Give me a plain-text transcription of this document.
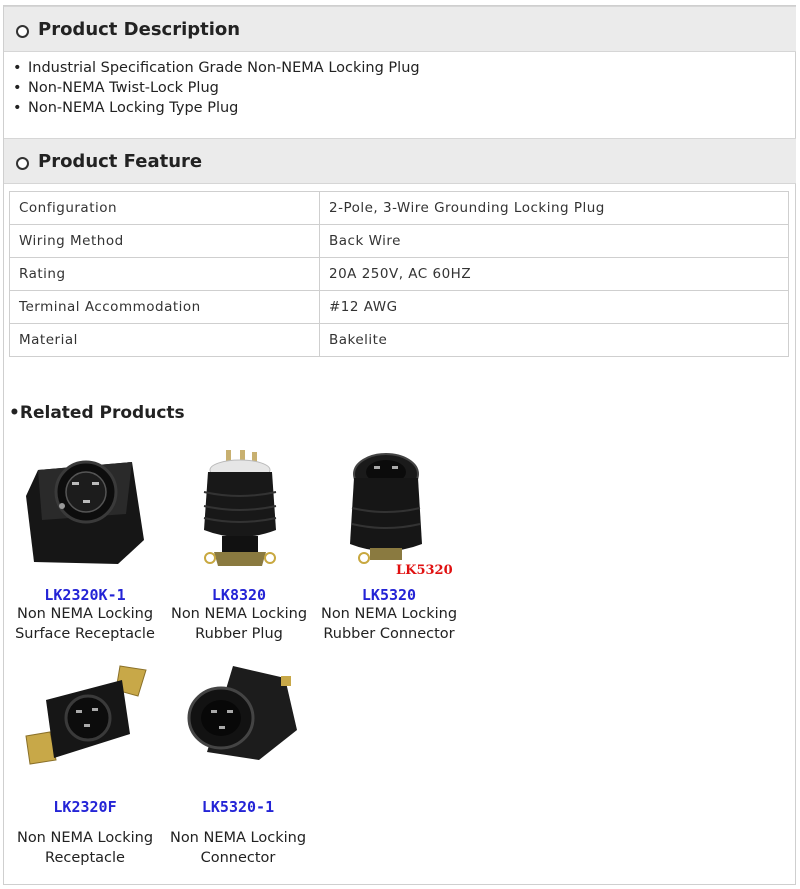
Product Description
• Industrial Specification Grade Non-NEMA Locking Plug
• Non-NEMA Twist-Lock Plug
• Non-NEMA Locking Type Plug
Product Feature
Configuration	2-Pole, 3-Wire Grounding Locking Plug
Wiring Method	Back Wire
Rating	20A 250V, AC 60HZ
Terminal Accommodation	#12 AWG
Material	Bakelite
•Related Products
LK2320K-1
Non NEMA Locking
Surface Receptacle
LK8320
Non NEMA Locking
Rubber Plug
LK5320
Non NEMA Locking
Rubber Connector
LK5320
LK2320F
Non NEMA Locking
Receptacle
LK5320-1
Non NEMA Locking
Connector
